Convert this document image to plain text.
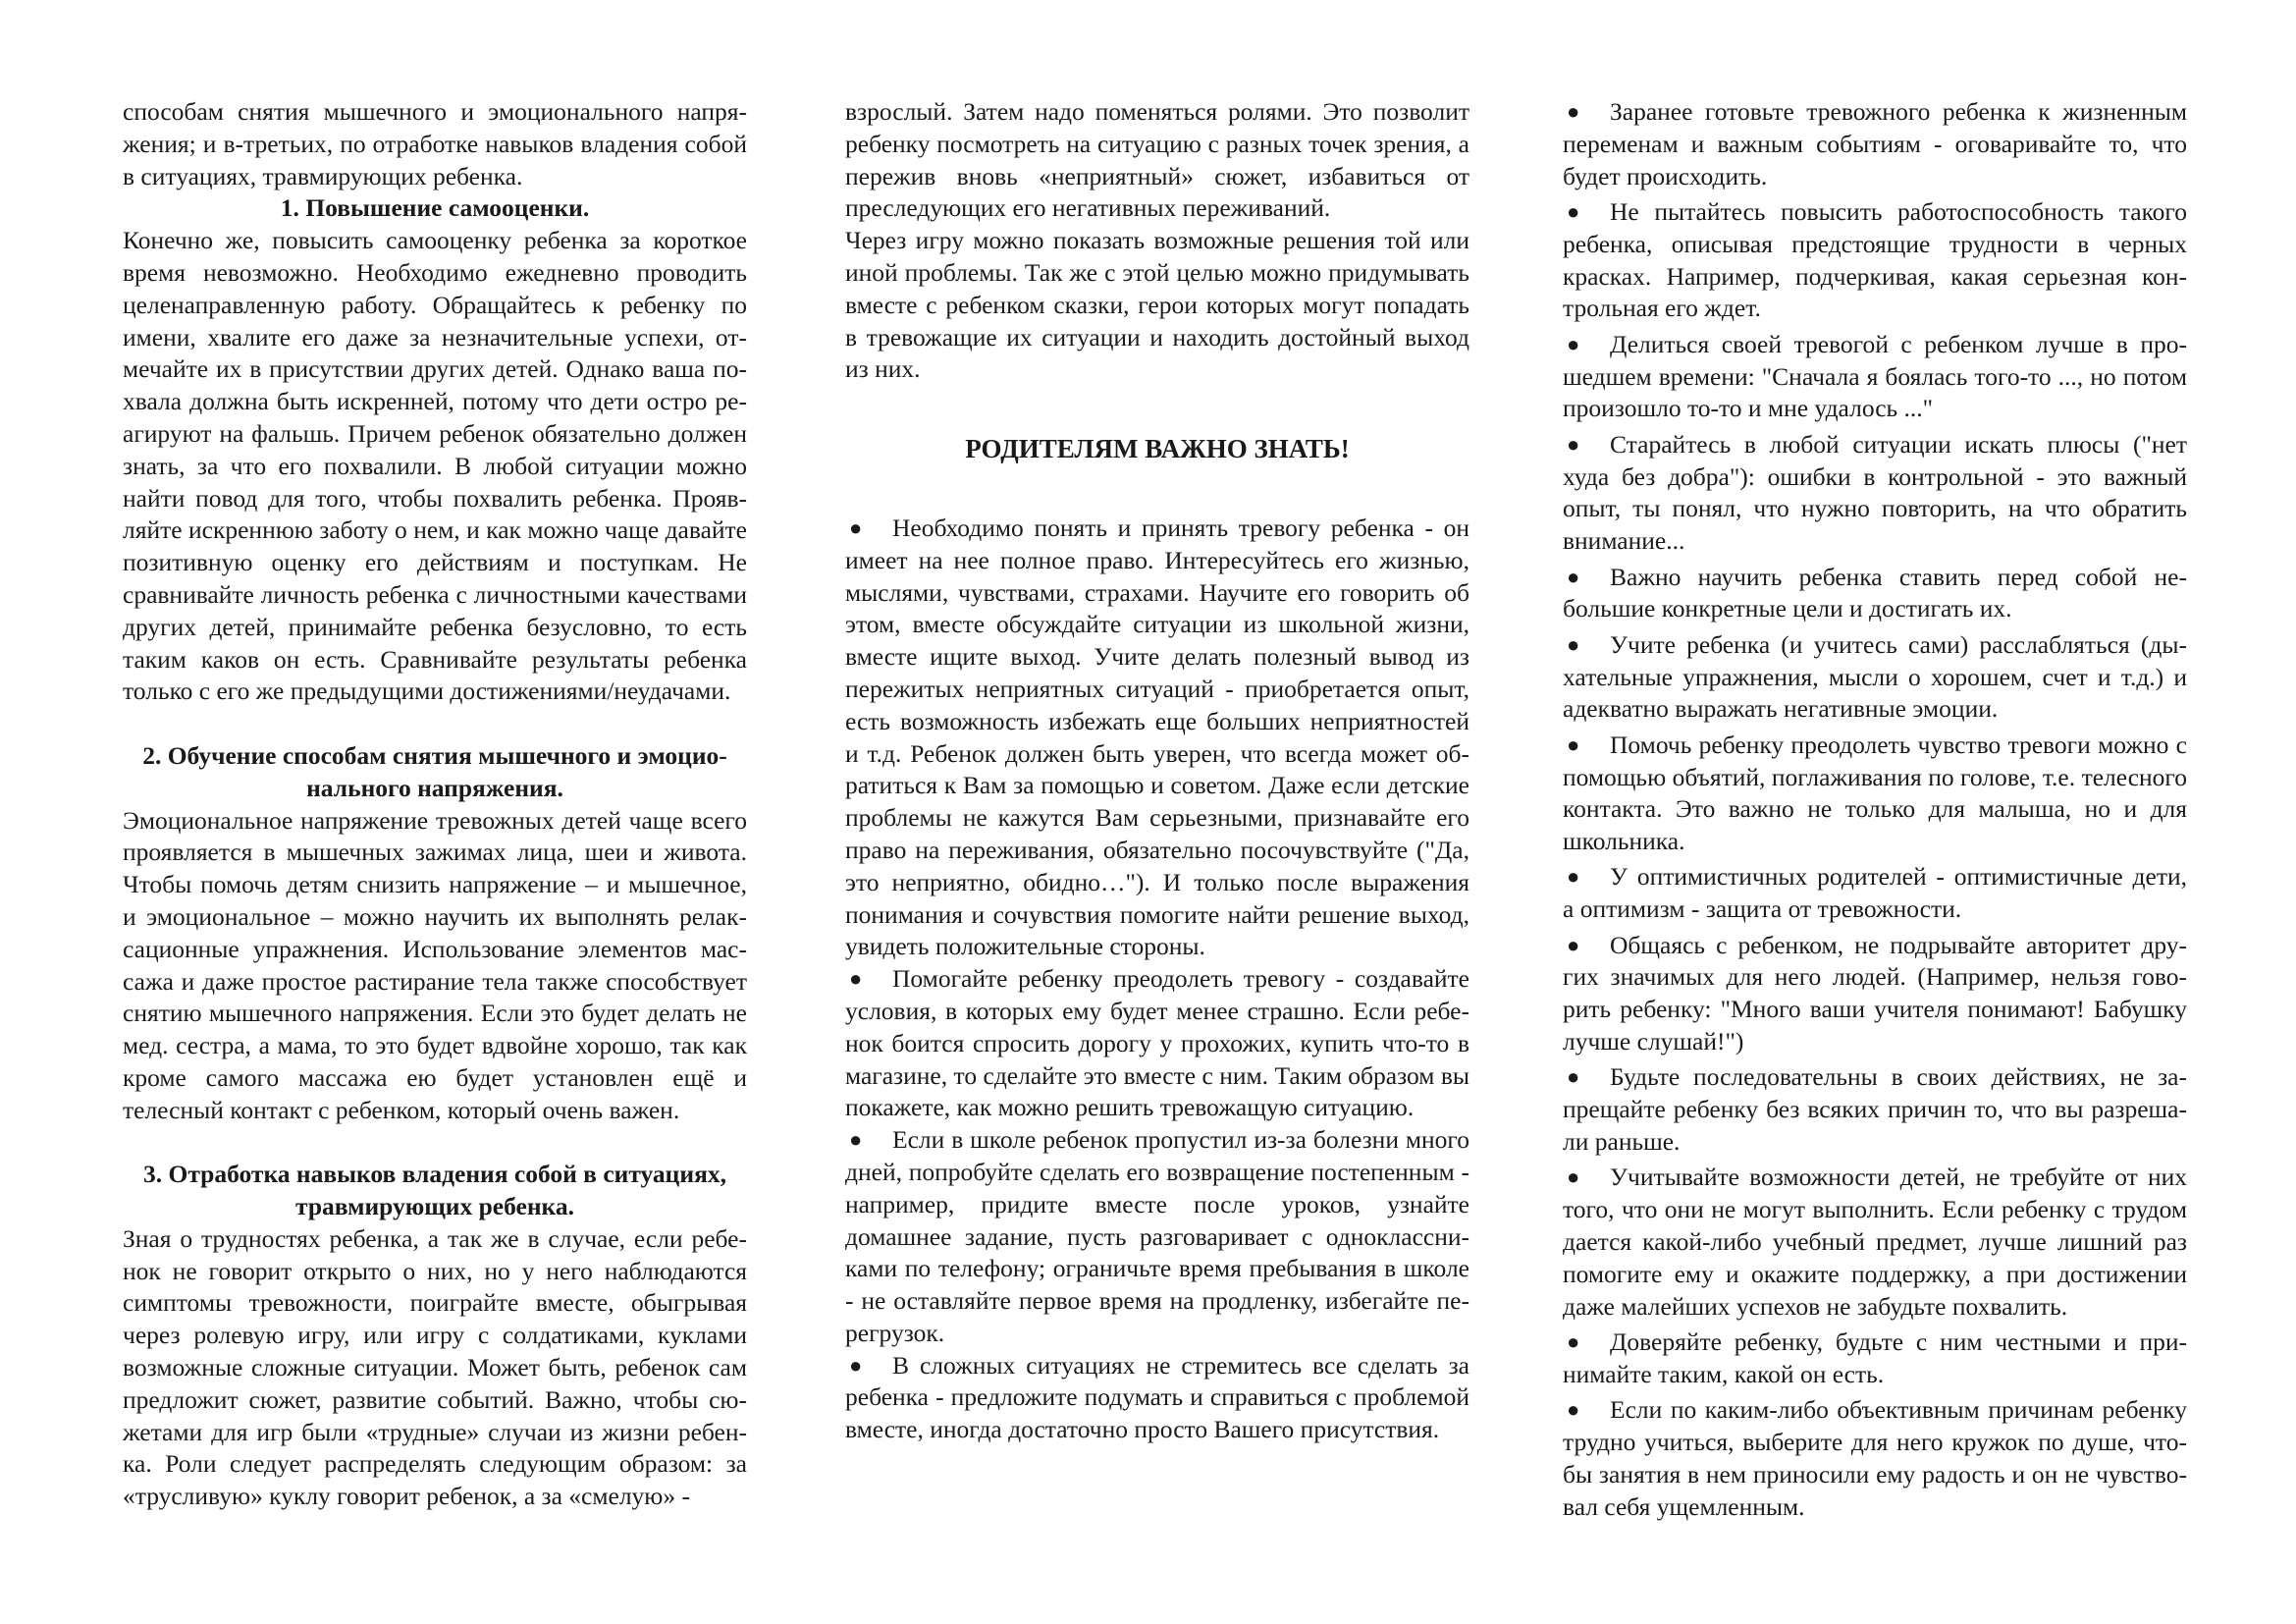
способам снятия мышечного и эмоционального напряжения; и в-третьих, по отработке навыков владения собой в ситуациях, травмирующих ребенка.

1. Повышение самооценки.

Конечно же, повысить самооценку ребенка за короткое время невозможно. Необходимо ежедневно проводить целенаправленную работу. Обращайтесь к ребенку по имени, хвалите его даже за незначительные успехи, отмечайте их в присутствии других детей. Однако ваша похвала должна быть искренней, потому что дети остро реагируют на фальшь. Причем ребенок обязательно должен знать, за что его похвалили. В любой ситуации можно найти повод для того, чтобы похвалить ребенка. Проявляйте искреннюю заботу о нем, и как можно чаще давайте позитивную оценку его действиям и поступкам. Не сравнивайте личность ребенка с личностными качествами других детей, принимайте ребенка безусловно, то есть таким каков он есть. Сравнивайте результаты ребенка только с его же предыдущими достижениями/неудачами.

2. Обучение способам снятия мышечного и эмоционального напряжения.

Эмоциональное напряжение тревожных детей чаще всего проявляется в мышечных зажимах лица, шеи и живота. Чтобы помочь детям снизить напряжение – и мышечное, и эмоциональное – можно научить их выполнять релаксационные упражнения. Использование элементов массажа и даже простое растирание тела также способствует снятию мышечного напряжения. Если это будет делать не мед. сестра, а мама, то это будет вдвойне хорошо, так как кроме самого массажа ею будет установлен ещё и телесный контакт с ребенком, который очень важен.

3. Отработка навыков владения собой в ситуациях, травмирующих ребенка.

Зная о трудностях ребенка, а так же в случае, если ребенок не говорит открыто о них, но у него наблюдаются симптомы тревожности, поиграйте вместе, обыгрывая через ролевую игру, или игру с солдатиками, куклами возможные сложные ситуации. Может быть, ребенок сам предложит сюжет, развитие событий. Важно, чтобы сюжетами для игр были «трудные» случаи из жизни ребенка. Роли следует распределять следующим образом: за «трусливую» куклу говорит ребенок, а за «смелую» -

взрослый. Затем надо поменяться ролями. Это позволит ребенку посмотреть на ситуацию с разных точек зрения, а пережив вновь «неприятный» сюжет, избавиться от преследующих его негативных переживаний.

Через игру можно показать возможные решения той или иной проблемы. Так же с этой целью можно придумывать вместе с ребенком сказки, герои которых могут попадать в тревожащие их ситуации и находить достойный выход из них.

РОДИТЕЛЯМ ВАЖНО ЗНАТЬ!

● Необходимо понять и принять тревогу ребенка - он имеет на нее полное право. Интересуйтесь его жизнью, мыслями, чувствами, страхами. Научите его говорить об этом, вместе обсуждайте ситуации из школьной жизни, вместе ищите выход. Учите делать полезный вывод из пережитых неприятных ситуаций - приобретается опыт, есть возможность избежать еще больших неприятностей и т.д. Ребенок должен быть уверен, что всегда может обратиться к Вам за помощью и советом. Даже если детские проблемы не кажутся Вам серьезными, признавайте его право на переживания, обязательно посочувствуйте ("Да, это неприятно, обидно…"). И только после выражения понимания и сочувствия помогите найти решение выход, увидеть положительные стороны.

● Помогайте ребенку преодолеть тревогу - создавайте условия, в которых ему будет менее страшно. Если ребенок боится спросить дорогу у прохожих, купить что-то в магазине, то сделайте это вместе с ним. Таким образом вы покажете, как можно решить тревожащую ситуацию.

● Если в школе ребенок пропустил из-за болезни много дней, попробуйте сделать его возвращение постепенным - например, придите вместе после уроков, узнайте домашнее задание, пусть разговаривает с одноклассниками по телефону; ограничьте время пребывания в школе - не оставляйте первое время на продленку, избегайте перегрузок.

● В сложных ситуациях не стремитесь все сделать за ребенка - предложите подумать и справиться с проблемой вместе, иногда достаточно просто Вашего присутствия.

● Заранее готовьте тревожного ребенка к жизненным переменам и важным событиям - оговаривайте то, что будет происходить.

● Не пытайтесь повысить работоспособность такого ребенка, описывая предстоящие трудности в черных красках. Например, подчеркивая, какая серьезная контрольная его ждет.

● Делиться своей тревогой с ребенком лучше в прошедшем времени: "Сначала я боялась того-то ..., но потом произошло то-то и мне удалось ..."

● Старайтесь в любой ситуации искать плюсы ("нет худа без добра"): ошибки в контрольной - это важный опыт, ты понял, что нужно повторить, на что обратить внимание...

● Важно научить ребенка ставить перед собой небольшие конкретные цели и достигать их.

● Учите ребенка (и учитесь сами) расслабляться (дыхательные упражнения, мысли о хорошем, счет и т.д.) и адекватно выражать негативные эмоции.

● Помочь ребенку преодолеть чувство тревоги можно с помощью объятий, поглаживания по голове, т.е. телесного контакта. Это важно не только для малыша, но и для школьника.

● У оптимистичных родителей - оптимистичные дети, а оптимизм - защита от тревожности.

● Общаясь с ребенком, не подрывайте авторитет других значимых для него людей. (Например, нельзя говорить ребенку: "Много ваши учителя понимают! Бабушку лучше слушай!")

● Будьте последовательны в своих действиях, не запрещайте ребенку без всяких причин то, что вы разрешали раньше.

● Учитывайте возможности детей, не требуйте от них того, что они не могут выполнить. Если ребенку с трудом дается какой-либо учебный предмет, лучше лишний раз помогите ему и окажите поддержку, а при достижении даже малейших успехов не забудьте похвалить.

● Доверяйте ребенку, будьте с ним честными и принимайте таким, какой он есть.

● Если по каким-либо объективным причинам ребенку трудно учиться, выберите для него кружок по душе, чтобы занятия в нем приносили ему радость и он не чувствовал себя ущемленным.
